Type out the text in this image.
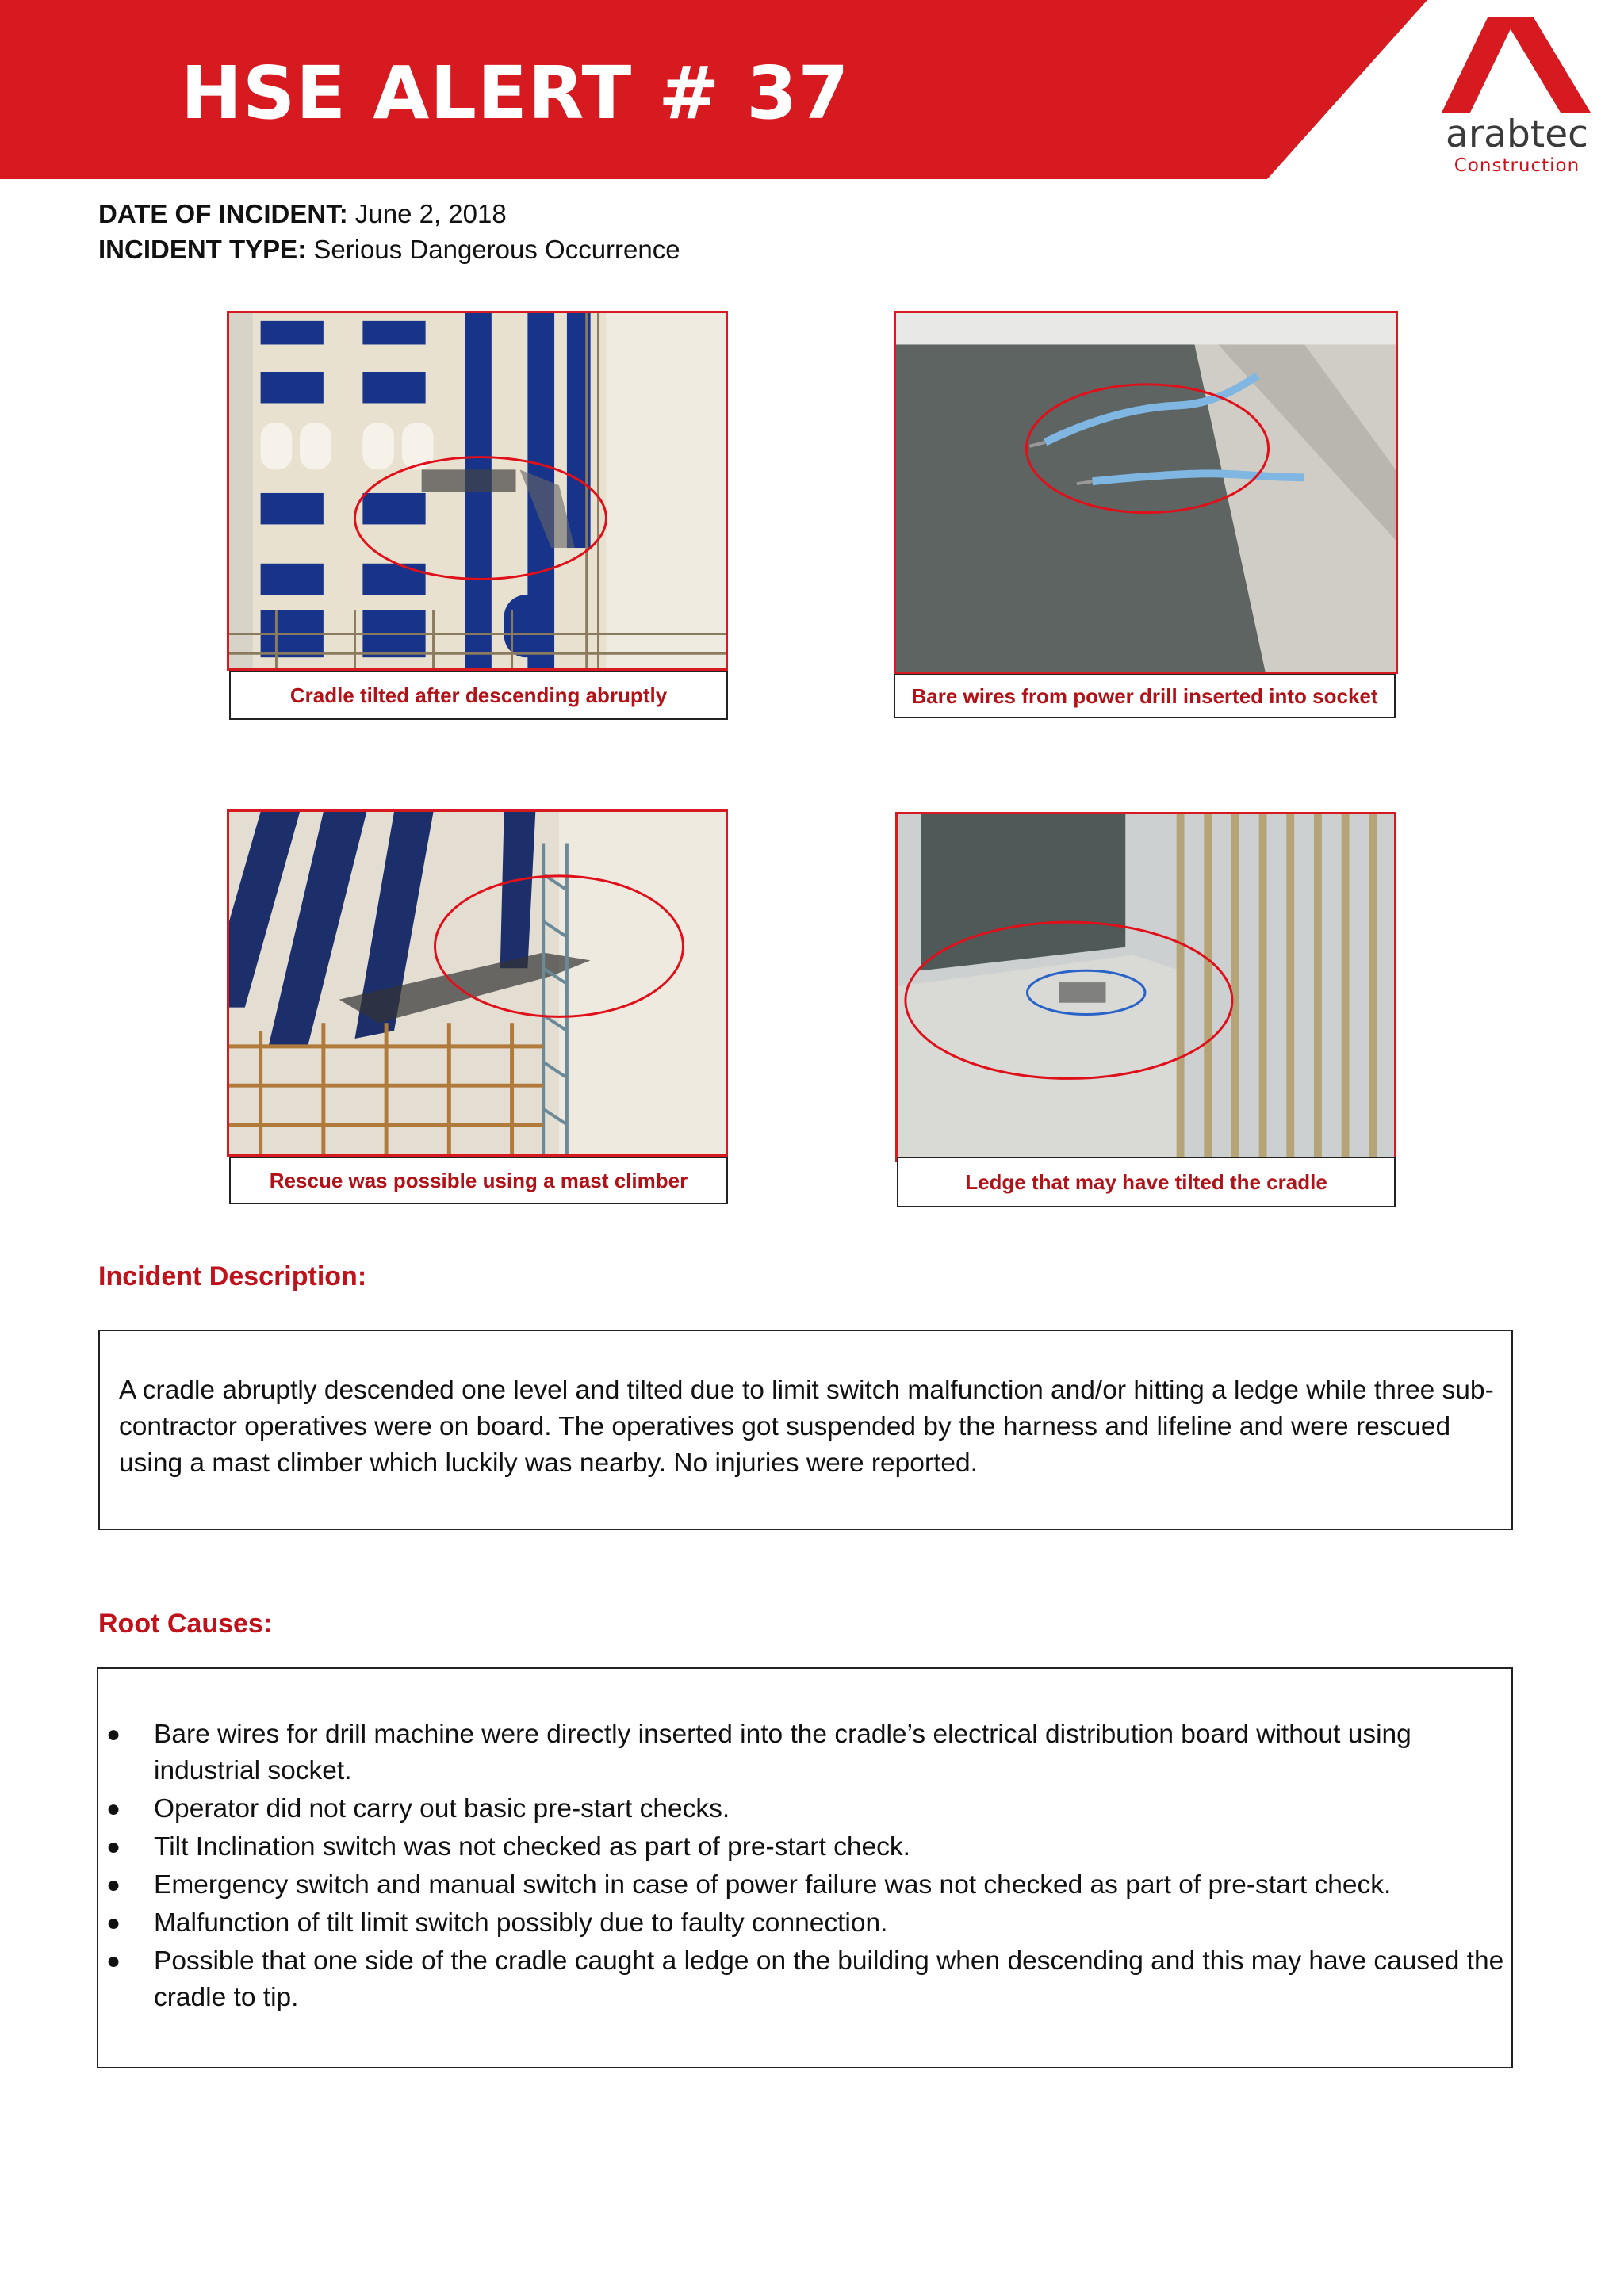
HSE ALERT # 37	arabtec
Construction
DATE OF INCIDENT: June 2, 2018
INCIDENT TYPE: Serious Dangerous Occurrence
Cradle tilted after descending abruptly	Bare wires from power drill inserted into socket
Rescue was possible using a mast climber	Ledge that may have tilted the cradle
Incident Description:

A cradle abruptly descended one level and tilted due to limit switch malfunction and/or hitting a ledge while three sub-contractor operatives were on board. The operatives got suspended by the harness and lifeline and were rescued using a mast climber which luckily was nearby. No injuries were reported.

Root Causes:
● Bare wires for drill machine were directly inserted into the cradle’s electrical distribution board without using industrial socket.
● Operator did not carry out basic pre-start checks.
● Tilt Inclination switch was not checked as part of pre-start check.
● Emergency switch and manual switch in case of power failure was not checked as part of pre-start check.
● Malfunction of tilt limit switch possibly due to faulty connection.
● Possible that one side of the cradle caught a ledge on the building when descending and this may have caused the cradle to tip.
